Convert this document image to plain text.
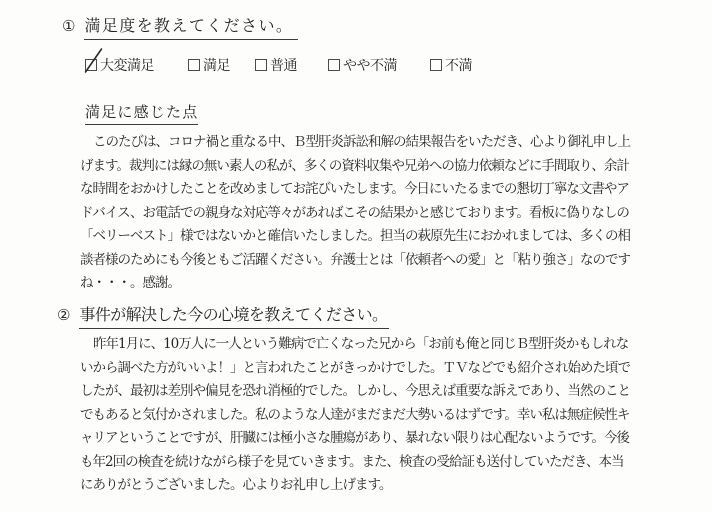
① 満足度を教えてください。
大変満足	満足	普通	やや不満	不満
満足に感じた点
このたびは、コロナ禍と重なる中、Ｂ型肝炎訴訟和解の結果報告をいただき、心より御礼申し上
げます。裁判には縁の無い素人の私が、多くの資料収集や兄弟への協力依頼などに手間取り、余計
な時間をおかけしたことを改めましてお詫びいたします。今日にいたるまでの懇切丁寧な文書やア
ドバイス、お電話での親身な対応等々があればこその結果かと感じております。看板に偽りなしの
「ベリーベスト」様ではないかと確信いたしました。担当の萩原先生におかれましては、多くの相
談者様のためにも今後ともご活躍ください。弁護士とは「依頼者への愛」と「粘り強さ」なのです
ね・・・。感謝。
② 事件が解決した今の心境を教えてください。
昨年1月に、10万人に一人という難病で亡くなった兄から「お前も俺と同じＢ型肝炎かもしれな
いから調べた方がいいよ！」と言われたことがきっかけでした。ＴＶなどでも紹介され始めた頃で
したが、最初は差別や偏見を恐れ消極的でした。しかし、今思えば重要な訴えであり、当然のこと
でもあると気付かされました。私のような人達がまだまだ大勢いるはずです。幸い私は無症候性キ
ャリアということですが、肝臓には極小さな腫瘍があり、暴れない限りは心配ないようです。今後
も年2回の検査を続けながら様子を見ていきます。また、検査の受給証も送付していただき、本当
にありがとうございました。心よりお礼申し上げます。
